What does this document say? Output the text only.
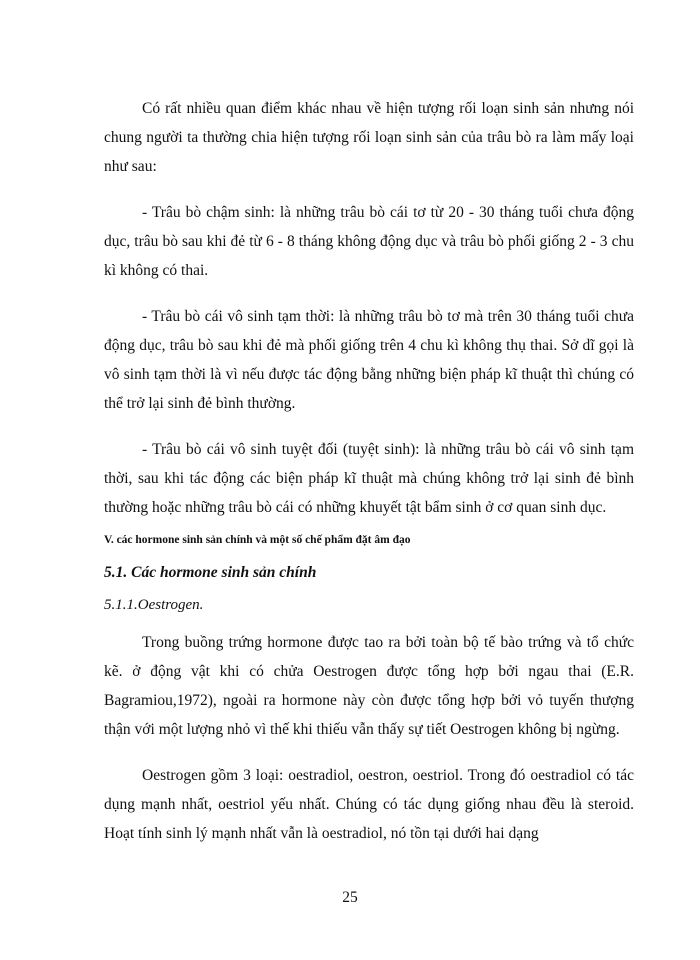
Có rất nhiều quan điểm khác nhau về hiện tượng rối loạn sinh sản nhưng nói chung người ta thường chia hiện tượng rối loạn sinh sản của trâu bò ra làm mấy loại như sau:

- Trâu bò chậm sinh: là những trâu bò cái tơ từ 20 - 30 tháng tuổi chưa động dục, trâu bò sau khi đẻ từ 6 - 8 tháng không động dục và trâu bò phối giống 2 - 3 chu kì không có thai.

- Trâu bò cái vô sinh tạm thời: là những trâu bò tơ mà trên 30 tháng tuổi chưa động dục, trâu bò sau khi đẻ mà phối giống trên 4 chu kì không thụ thai. Sở dĩ gọi là vô sinh tạm thời là vì nếu được tác động bằng những biện pháp kĩ thuật thì chúng có thể trở lại sinh đẻ bình thường.

- Trâu bò cái vô sinh tuyệt đối (tuyệt sinh): là những trâu bò cái vô sinh tạm thời, sau khi tác động các biện pháp kĩ thuật mà chúng không trở lại sinh đẻ bình thường hoặc những trâu bò cái có những khuyết tật bẩm sinh ở cơ quan sinh dục.

V. các hormone sinh sản chính và một số chế phẩm đặt âm đạo
5.1. Các hormone sinh sản chính
5.1.1.Oestrogen.

Trong buồng trứng hormone được tao ra bởi toàn bộ tế bào trứng và tổ chức kẽ. ở động vật khi có chửa Oestrogen được tổng hợp bởi ngau thai (E.R. Bagramiou,1972), ngoài ra hormone này còn được tổng hợp bởi vỏ tuyến thượng thận với một lượng nhỏ vì thế khi thiếu vẫn thấy sự tiết Oestrogen không bị ngừng.

Oestrogen gồm 3 loại: oestradiol, oestron, oestriol. Trong đó oestradiol có tác dụng mạnh nhất, oestriol yếu nhất. Chúng có tác dụng giống nhau đều là steroid. Hoạt tính sinh lý mạnh nhất vẫn là oestradiol, nó tồn tại dưới hai dạng

25
